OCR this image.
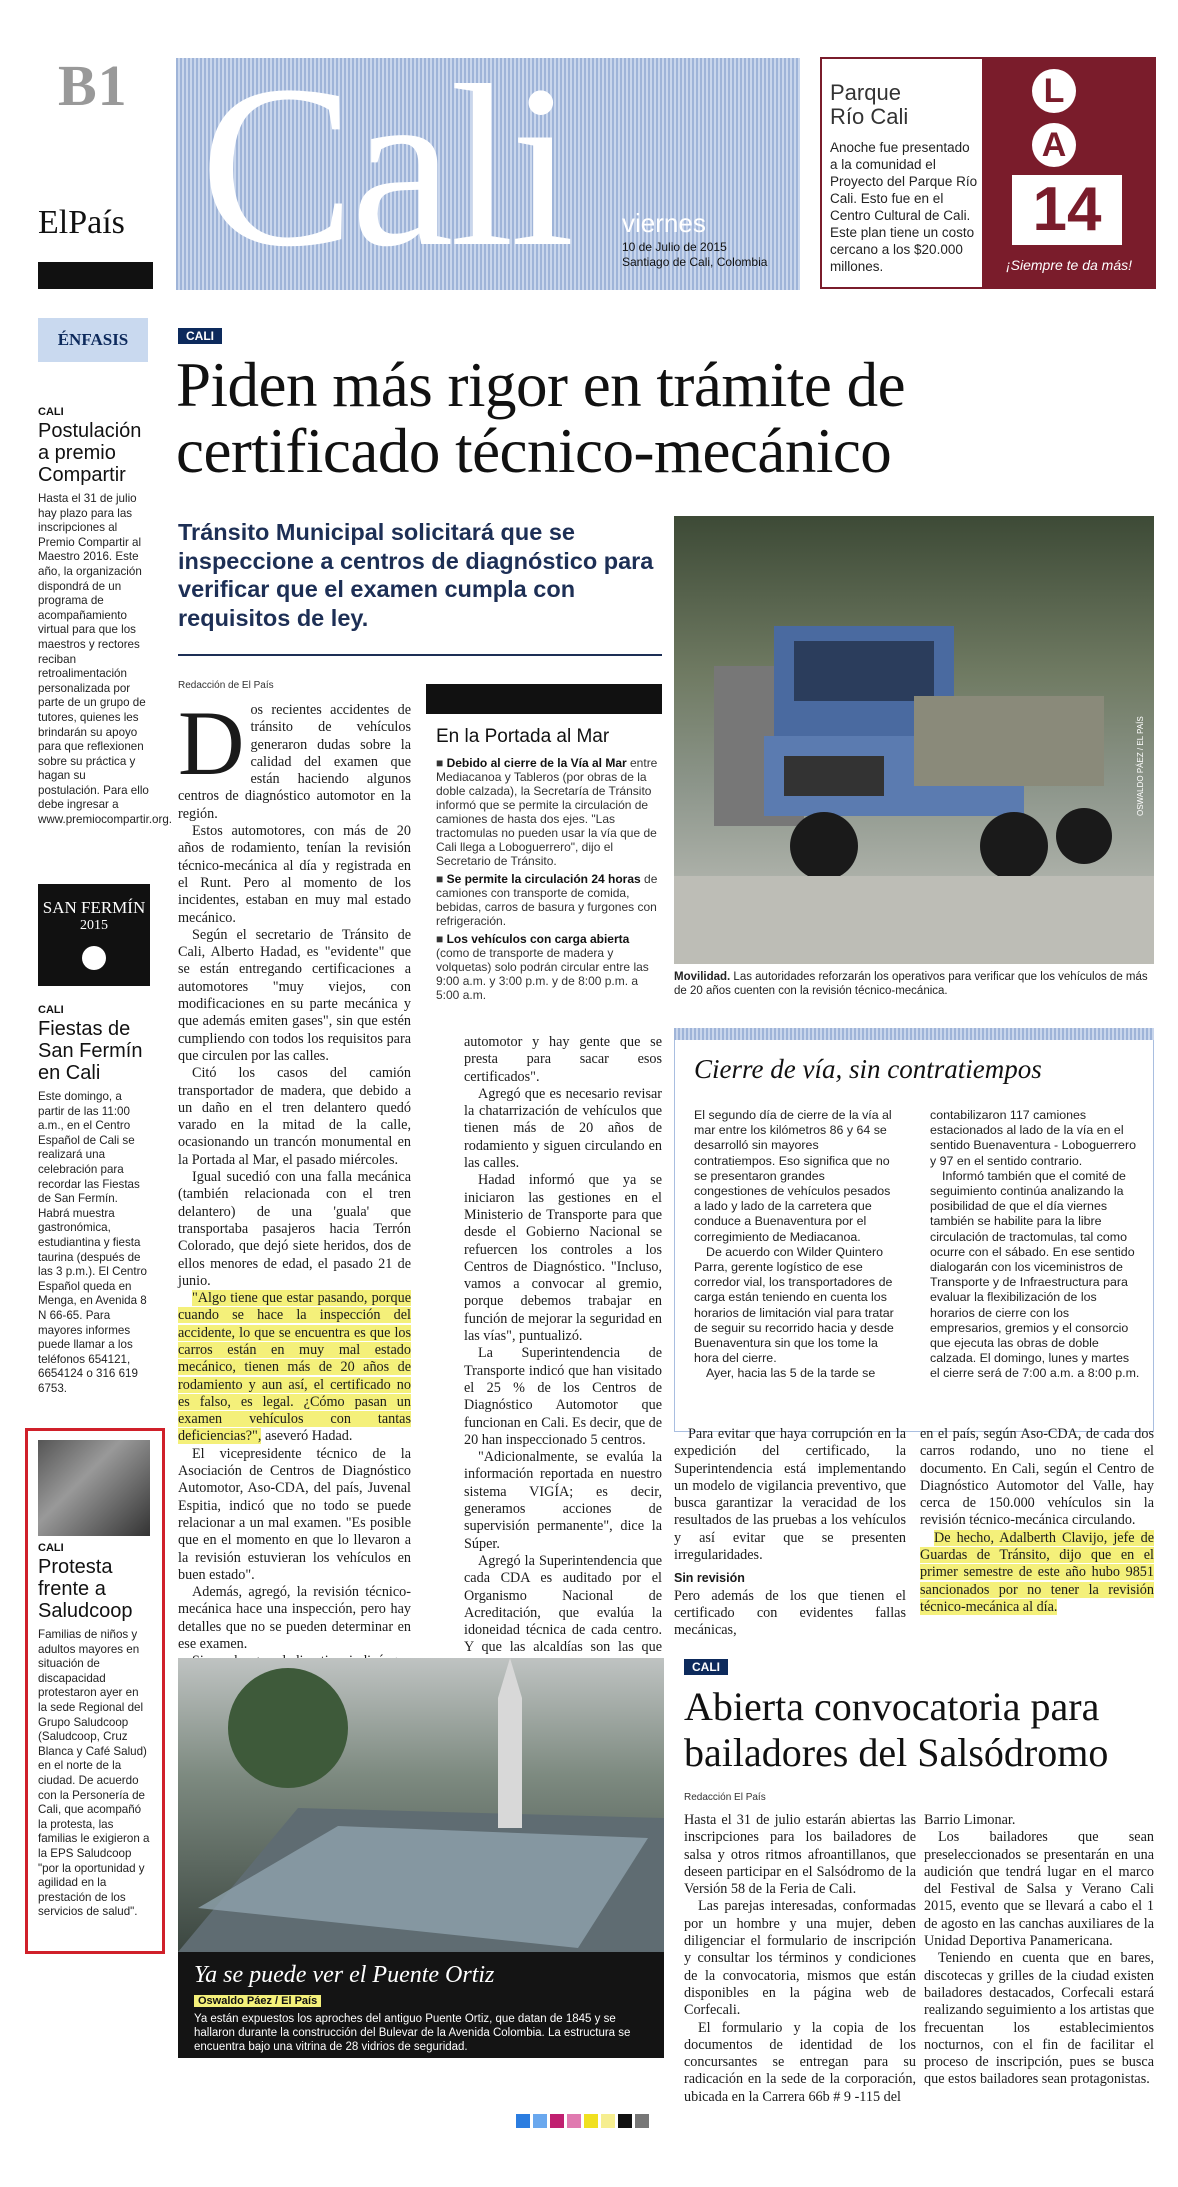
B1
ElPaís Cali viernes
10 de Julio de 2015
Santiago de Cali, Colombia
Parque
Río Cali
Anoche fue presentado a la comunidad el Proyecto del Parque Río Cali. Esto fue en el Centro Cultural de Cali. Este plan tiene un costo cercano a los $20.000 millones.
L
A
14
¡Siempre te da más!
ÉNFASIS
CALI
Postulación a premio Compartir
Hasta el 31 de julio hay plazo para las inscripciones al Premio Compartir al Maestro 2016. Este año, la organización dispondrá de un programa de acompañamiento virtual para que los maestros y rectores reciban retroalimentación personalizada por parte de un grupo de tutores, quienes les brindarán su apoyo para que reflexionen sobre su práctica y hagan su postulación. Para ello debe ingresar a www.premiocompartir.org.
SAN FERMÍN
2015
CALI
Fiestas de San Fermín en Cali
Este domingo, a partir de las 11:00 a.m., en el Centro Español de Cali se realizará una celebración para recordar las Fiestas de San Fermín. Habrá muestra gastronómica, estudiantina y fiesta taurina (después de las 3 p.m.). El Centro Español queda en Menga, en Avenida 8 N 66-65. Para mayores informes puede llamar a los teléfonos 654121, 6654124 o 316 619 6753.
CALI
Protesta frente a Saludcoop
Familias de niños y adultos mayores en situación de discapacidad protestaron ayer en la sede Regional del Grupo Saludcoop (Saludcoop, Cruz Blanca y Café Salud) en el norte de la ciudad. De acuerdo con la Personería de Cali, que acompañó la protesta, las familias le exigieron a la EPS Saludcoop "por la oportunidad y agilidad en la prestación de los servicios de salud".
CALI
Piden más rigor en trámite de certificado técnico-mecánico
Tránsito Municipal solicitará que se inspeccione a centros de diagnóstico para verificar que el examen cumpla con requisitos de ley.
OSWALDO PÁEZ / EL PAÍS
Movilidad. Las autoridades reforzarán los operativos para verificar que los vehículos de más de 20 años cuenten con la revisión técnico-mecánica.
Redacción de El País
D os recientes accidentes de tránsito de vehículos generaron dudas sobre la calidad del examen que están haciendo algunos centros de diagnóstico automotor en la región.

Estos automotores, con más de 20 años de rodamiento, tenían la revisión técnico-mecánica al día y registrada en el Runt. Pero al momento de los incidentes, estaban en muy mal estado mecánico.

Según el secretario de Tránsito de Cali, Alberto Hadad, es "evidente" que se están entregando certificaciones a automotores "muy viejos, con modificaciones en su parte mecánica y que además emiten gases", sin que estén cumpliendo con todos los requisitos para que circulen por las calles.

Citó los casos del camión transportador de madera, que debido a un daño en el tren delantero quedó varado en la mitad de la calle, ocasionando un trancón monumental en la Portada al Mar, el pasado miércoles.

Igual sucedió con una falla mecánica (también relacionada con el tren delantero) de una 'guala' que transportaba pasajeros hacia Terrón Colorado, que dejó siete heridos, dos de ellos menores de edad, el pasado 21 de junio.

"Algo tiene que estar pasando, porque cuando se hace la inspección del accidente, lo que se encuentra es que los carros están en muy mal estado mecánico, tienen más de 20 años de rodamiento y aun así, el certificado no es falso, es legal. ¿Cómo pasan un examen vehículos con tantas deficiencias?", aseveró Hadad.

El vicepresidente técnico de la Asociación de Centros de Diagnóstico Automotor, Aso-CDA, del país, Juvenal Espitia, indicó que no todo se puede relacionar a un mal examen. "Es posible que en el momento en que lo llevaron a la revisión estuvieran los vehículos en buen estado".

Además, agregó, la revisión técnico-mecánica hace una inspección, pero hay detalles que no se pueden determinar en ese examen.

En la Portada al Mar
■ Debido al cierre de la Vía al Mar entre Mediacanoa y Tableros (por obras de la doble calzada), la Secretaría de Tránsito informó que se permite la circulación de camiones de hasta dos ejes. "Las tractomulas no pueden usar la vía que de Cali llega a Loboguerrero", dijo el Secretario de Tránsito.
■ Se permite la circulación 24 horas de camiones con transporte de comida, bebidas, carros de basura y furgones con refrigeración.
■ Los vehículos con carga abierta (como de transporte de madera y volquetas) solo podrán circular entre las 9:00 a.m. y 3:00 p.m. y de 8:00 p.m. a 5:00 a.m.

automotor y hay gente que se presta para sacar esos certificados".

Agregó que es necesario revisar la chatarrización de vehículos que tienen más de 20 años de rodamiento y siguen circulando en las calles.

Hadad informó que ya se iniciaron las gestiones en el Ministerio de Transporte para que desde el Gobierno Nacional se refuercen los controles a los Centros de Diagnóstico. "Incluso, vamos a convocar al gremio, porque debemos trabajar en función de mejorar la seguridad en las vías", puntualizó.

La Superintendencia de Transporte indicó que han visitado el 25 % de los Centros de Diagnóstico Automotor que funcionan en Cali. Es decir, que de 20 han inspeccionado 5 centros.

"Adicionalmente, se evalúa la información reportada en nuestro sistema VIGÍA; es decir, generamos acciones de supervisión permanente", dice la Súper.

Agregó la Superintendencia que cada CDA es auditado por el Organismo Nacional de Acreditación, que evalúa la idoneidad técnica de cada centro. Y que las alcaldías son las que

Cierre de vía, sin contratiempos

El segundo día de cierre de la vía al mar entre los kilómetros 86 y 64 se desarrolló sin mayores contratiempos. Eso significa que no se presentaron grandes congestiones de vehículos pesados a lado y lado de la carretera que conduce a Buenaventura por el corregimiento de Mediacanoa.

De acuerdo con Wilder Quintero Parra, gerente logístico de ese corredor vial, los transportadores de carga están teniendo en cuenta los horarios de limitación vial para tratar de seguir su recorrido hacia y desde Buenaventura sin que los tome la hora del cierre.

Ayer, hacia las 5 de la tarde se

contabilizaron 117 camiones estacionados al lado de la vía en el sentido Buenaventura - Loboguerrero y 97 en el sentido contrario.

Informó también que el comité de seguimiento continúa analizando la posibilidad de que el día viernes también se habilite para la libre circulación de tractomulas, tal como ocurre con el sábado. En ese sentido dialogarán con los viceministros de Transporte y de Infraestructura para evaluar la flexibilización de los horarios de cierre con los empresarios, gremios y el consorcio que ejecuta las obras de doble calzada. El domingo, lunes y martes el cierre será de 7:00 a.m. a 8:00 p.m.

Para evitar que haya corrupción en la expedición del certificado, la Superintendencia está implementando un modelo de vigilancia preventivo, que busca garantizar la veracidad de los resultados de las pruebas a los vehículos y así evitar que se presenten irregularidades.

Sin revisión

Pero además de los que tienen el certificado con evidentes fallas mecánicas,

en el país, según Aso-CDA, de cada dos carros rodando, uno no tiene el documento. En Cali, según el Centro de Diagnóstico Automotor del Valle, hay cerca de 150.000 vehículos sin la revisión técnico-mecánica circulando.

De hecho, Adalberth Clavijo, jefe de Guardas de Tránsito, dijo que en el primer semestre de este año hubo 9851 sancionados por no tener la revisión técnico-mecánica al día.

Ya se puede ver el Puente Ortiz
Oswaldo Páez / El País
Ya están expuestos los aproches del antiguo Puente Ortiz, que datan de 1845 y se hallaron durante la construcción del Bulevar de la Avenida Colombia. La estructura se encuentra bajo una vitrina de 28 vidrios de seguridad.
CALI
Abierta convocatoria para bailadores del Salsódromo
Redacción El País

Hasta el 31 de julio estarán abiertas las inscripciones para los bailadores de salsa y otros ritmos afroantillanos, que deseen participar en el Salsódromo de la Versión 58 de la Feria de Cali.

Las parejas interesadas, conformadas por un hombre y una mujer, deben diligenciar el formulario de inscripción y consultar los términos y condiciones de la convocatoria, mismos que están disponibles en la página web de Corfecali.

El formulario y la copia de los documentos de identidad de los concursantes se entregan para su radicación en la sede de la corporación, ubicada en la Carrera 66b # 9 -115 del

Barrio Limonar.

Los bailadores que sean preseleccionados se presentarán en una audición que tendrá lugar en el marco del Festival de Salsa y Verano Cali 2015, evento que se llevará a cabo el 1 de agosto en las canchas auxiliares de la Unidad Deportiva Panamericana.

Teniendo en cuenta que en bares, discotecas y grilles de la ciudad existen bailadores destacados, Corfecali estará realizando seguimiento a los artistas que frecuentan los establecimientos nocturnos, con el fin de facilitar el proceso de inscripción, pues se busca que estos bailadores sean protagonistas.
